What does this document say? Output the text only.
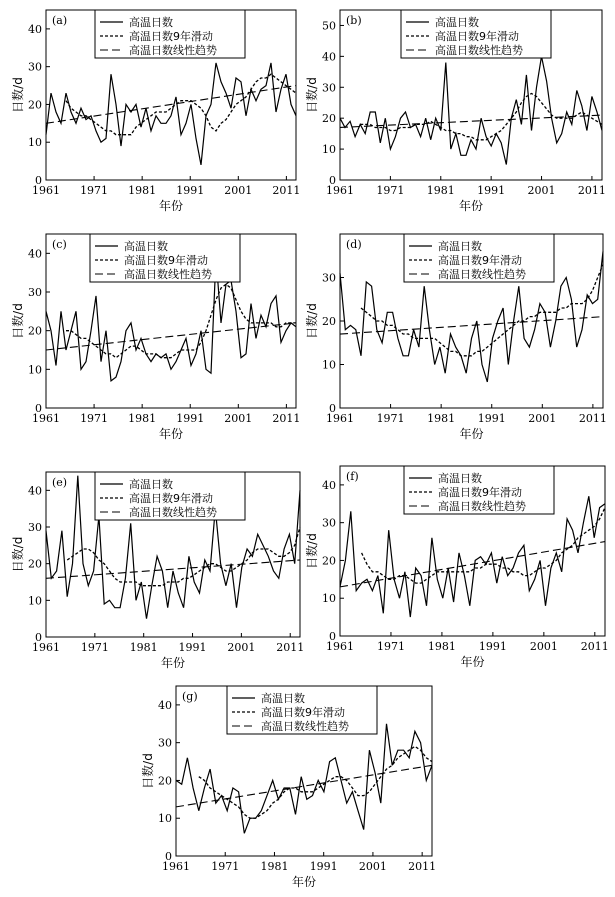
0
10
20
30
40
1961 1971 1981 1991 2001 2011
年份
日数/d
(a)	高温日数
高温日数9年滑动
高温日数线性趋势
0
10
20
30
40
50
1961 1971 1981 1991 2001 2011
年份
日数/d
(b)	高温日数
高温日数9年滑动
高温日数线性趋势
0
10
20
30
40
1961 1971 1981 1991 2001 2011
年份
日数/d
(c)	高温日数
高温日数9年滑动
高温日数线性趋势
0
10
20
30
1961 1971 1981 1991 2001 2011
年份
日数/d
(d)	高温日数
高温日数9年滑动
高温日数线性趋势
0
10
20
30
40
1961 1971 1981 1991 2001 2011
年份
日数/d
(e)	高温日数
高温日数9年滑动
高温日数线性趋势
0
10
20
30
40
1961 1971 1981 1991 2001 2011
年份
日数/d
(f)	高温日数
高温日数9年滑动
高温日数线性趋势
0
10
20
30
40
1961 1971 1981 1991 2001 2011
年份
日数/d
(g)	高温日数
高温日数9年滑动
高温日数线性趋势
